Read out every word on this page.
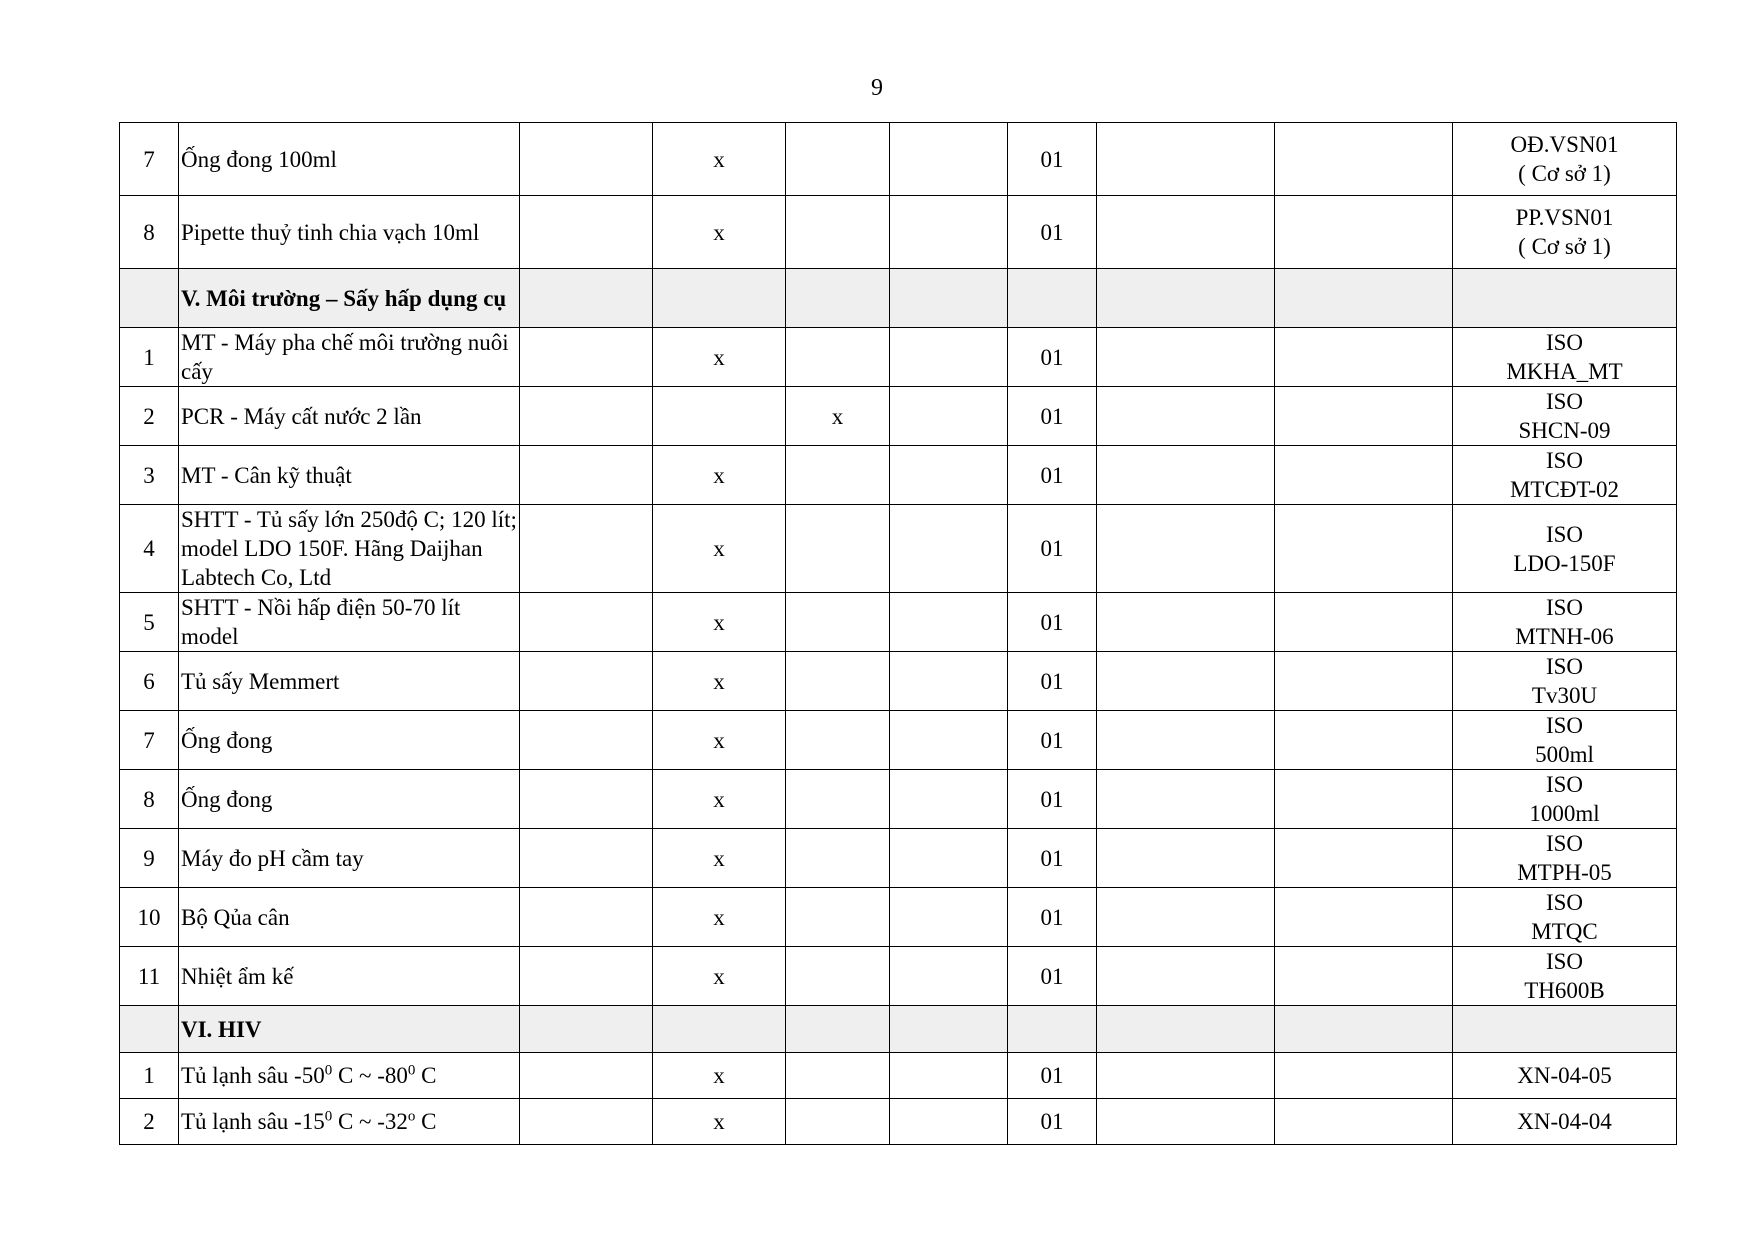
9
7	Ống đong 100ml		x			01			OĐ.VSN01
( Cơ sở 1)

8	Pipette thuỷ tinh chia vạch 10ml		x			01			PP.VSN01
( Cơ sở 1)

	V. Môi trường – Sấy hấp dụng cụ								
1	MT - Máy pha chế môi trường nuôi cấy		x			01			ISO
MKHA_MT

2	PCR - Máy cất nước 2 lần			x		01			ISO
SHCN-09

3	MT - Cân kỹ thuật		x			01			ISO
MTCĐT-02

4	SHTT - Tủ sấy lớn 250độ C; 120 lít; model LDO 150F. Hãng Daijhan Labtech Co, Ltd		x			01			ISO
LDO-150F

5	SHTT - Nồi hấp điện 50-70 lít model		x			01			ISO
MTNH-06

6	Tủ sấy Memmert		x			01			ISO
Tv30U

7	Ống đong		x			01			ISO
500ml

8	Ống đong		x			01			ISO
1000ml

9	Máy đo pH cầm tay		x			01			ISO
MTPH-05

10	Bộ Qủa cân		x			01			ISO
MTQC

11	Nhiệt ẩm kế		x			01			ISO
TH600B

	VI. HIV								
1	Tủ lạnh sâu $-50^0$ C ~ $-80^0$ C		x			01			XN-04-05

2	Tủ lạnh sâu $-15^0$ C ~ -32$^o$ C		x			01			XN-04-04
